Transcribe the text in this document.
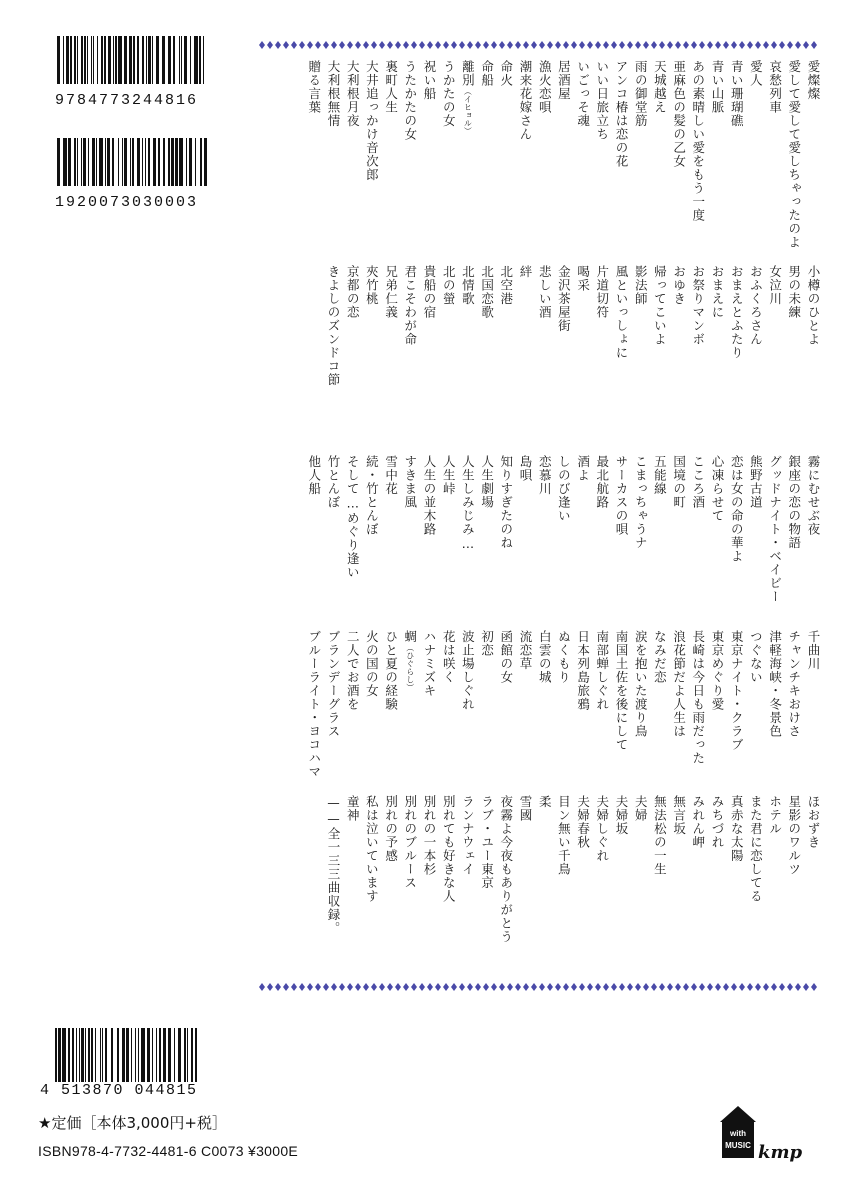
9784773244816
1920073030003
愛燦燦
愛して愛して愛しちゃったのよ
哀愁列車
愛人
青い珊瑚礁
青い山脈
あの素晴しい愛をもう一度
亜麻色の髪の乙女
天城越え
雨の御堂筋
アンコ椿は恋の花
いい日旅立ち
いごっそ魂
居酒屋
漁火恋唄
潮来花嫁さん
命火
命船
離別（イヒョル）
うかたの女
祝い船
うたかたの女
裏町人生
大井追っかけ音次郎
大利根月夜
大利根無情
贈る言葉
小樽のひとよ
男の未練
女泣川
おふくろさん
おまえとふたり
おまえに
お祭りマンボ
おゆき
帰ってこいよ
影法師
風といっしょに
片道切符
喝采
金沢茶屋街
悲しい酒
絆
北空港
北国恋歌
北情歌
北の螢
貴船の宿
君こそわが命
兄弟仁義
夾竹桃
京都の恋
きよしのズンドコ節
霧にむせぶ夜
銀座の恋の物語
グッドナイト・ベイビー
熊野古道
恋は女の命の華よ
心凍らせて
こころ酒
国境の町
五能線
こまっちゃうナ
サーカスの唄
最北航路
酒よ
しのび逢い
恋慕川
島唄
知りすぎたのね
人生劇場
人生しみじみ…
人生峠
人生の並木路
すきま風
雪中花
続・竹とんぼ
そして…めぐり逢い
竹とんぼ
他人船
千曲川
チャンチキおけさ
津軽海峡・冬景色
つぐない
東京ナイト・クラブ
東京めぐり愛
長崎は今日も雨だった
浪花節だよ人生は
なみだ恋
涙を抱いた渡り鳥
南国土佐を後にして
南部蝉しぐれ
日本列島旅鴉
ぬくもり
白雲の城
流恋草
函館の女
初恋
波止場しぐれ
花は咲く
ハナミズキ
蜩（ひぐらし）
ひと夏の経験
火の国の女
二人でお酒を
ブランデーグラス
ブルーライト・ヨコハマ
ほおずき
星影のワルツ
ホテル
また君に恋してる
真赤な太陽
みちづれ
みれん岬
無言坂
無法松の一生
夫婦
夫婦坂
夫婦しぐれ
夫婦春秋
目ン無い千鳥
柔
雪國
夜霧よ今夜もありがとう
ラブ・ユー東京
ランナウェイ
別れても好きな人
別れの一本杉
別れのブルース
別れの予感
私は泣いています
童神
——全一三三曲収録。
4 513870 044815
★定価［本体3,000円+税］
ISBN978-4-7732-4481-6 C0073 ¥3000E
with
MUSIC kmp
